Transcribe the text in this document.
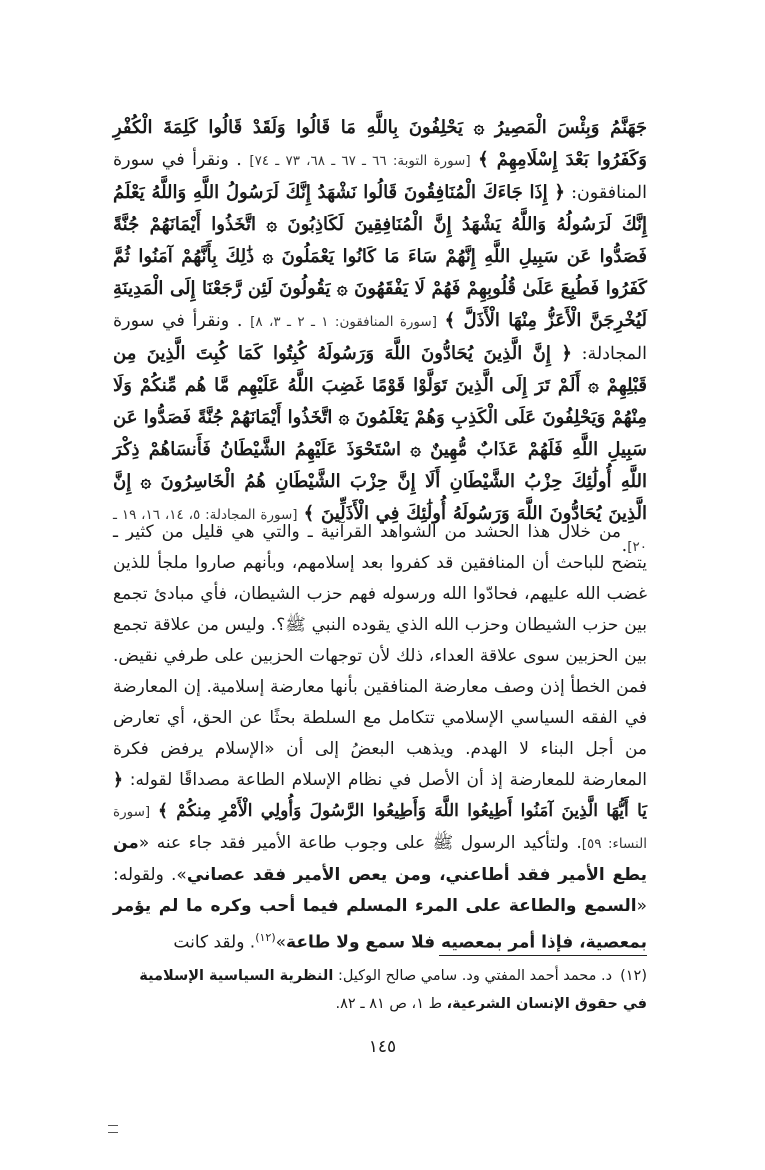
جَهَنَّمُ وَبِئْسَ الْمَصِيرُ ۞ يَحْلِفُونَ بِاللَّهِ مَا قَالُوا وَلَقَدْ قَالُوا كَلِمَةَ الْكُفْرِ وَكَفَرُوا بَعْدَ إِسْلَامِهِمْ ﴾ [سورة التوبة: ٦٦ ـ ٦٧ ـ ٦٨، ٧٣ ـ ٧٤] . ونقرأ في سورة المنافقون: ﴿ إِذَا جَاءَكَ الْمُنَافِقُونَ قَالُوا نَشْهَدُ إِنَّكَ لَرَسُولُ اللَّهِ وَاللَّهُ يَعْلَمُ إِنَّكَ لَرَسُولُهُ وَاللَّهُ يَشْهَدُ إِنَّ الْمُنَافِقِينَ لَكَاذِبُونَ ۞ اتَّخَذُوا أَيْمَانَهُمْ جُنَّةً فَصَدُّوا عَن سَبِيلِ اللَّهِ إِنَّهُمْ سَاءَ مَا كَانُوا يَعْمَلُونَ ۞ ذَٰلِكَ بِأَنَّهُمْ آمَنُوا ثُمَّ كَفَرُوا فَطُبِعَ عَلَىٰ قُلُوبِهِمْ فَهُمْ لَا يَفْقَهُونَ ۞ يَقُولُونَ لَئِن رَّجَعْنَا إِلَى الْمَدِينَةِ لَيُخْرِجَنَّ الْأَعَزُّ مِنْهَا الْأَذَلَّ ﴾ [سورة المنافقون: ١ ـ ٢ ـ ٣، ٨] . ونقرأ في سورة المجادلة: ﴿ إِنَّ الَّذِينَ يُحَادُّونَ اللَّهَ وَرَسُولَهُ كُبِتُوا كَمَا كُبِتَ الَّذِينَ مِن قَبْلِهِمْ ۞ أَلَمْ تَرَ إِلَى الَّذِينَ تَوَلَّوْا قَوْمًا غَضِبَ اللَّهُ عَلَيْهِم مَّا هُم مِّنكُمْ وَلَا مِنْهُمْ وَيَحْلِفُونَ عَلَى الْكَذِبِ وَهُمْ يَعْلَمُونَ ۞ اتَّخَذُوا أَيْمَانَهُمْ جُنَّةً فَصَدُّوا عَن سَبِيلِ اللَّهِ فَلَهُمْ عَذَابٌ مُّهِينٌ ۞ اسْتَحْوَذَ عَلَيْهِمُ الشَّيْطَانُ فَأَنسَاهُمْ ذِكْرَ اللَّهِ أُولَٰئِكَ حِزْبُ الشَّيْطَانِ أَلَا إِنَّ حِزْبَ الشَّيْطَانِ هُمُ الْخَاسِرُونَ ۞ إِنَّ الَّذِينَ يُحَادُّونَ اللَّهَ وَرَسُولَهُ أُولَٰئِكَ فِي الْأَذَلِّينَ ﴾ [سورة المجادلة: ٥، ١٤، ١٦، ١٩ ـ ٢٠].

من خلال هذا الحشد من الشواهد القرآنية ـ والتي هي قليل من كثير ـ يتضح للباحث أن المنافقين قد كفروا بعد إسلامهم، وبأنهم صاروا ملجأ للذين غضب الله عليهم، فحادّوا الله ورسوله فهم حزب الشيطان، فأي مبادئ تجمع بين حزب الشيطان وحزب الله الذي يقوده النبي ﷺ؟. وليس من علاقة تجمع بين الحزبين سوى علاقة العداء، ذلك لأن توجهات الحزبين على طرفي نقيض. فمن الخطأ إذن وصف معارضة المنافقين بأنها معارضة إسلامية. إن المعارضة في الفقه السياسي الإسلامي تتكامل مع السلطة بحثًا عن الحق، أي تعارض من أجل البناء لا الهدم. ويذهب البعضُ إلى أن «الإسلام يرفض فكرة المعارضة للمعارضة إذ أن الأصل في نظام الإسلام الطاعة مصداقًا لقوله: ﴿ يَا أَيُّهَا الَّذِينَ آمَنُوا أَطِيعُوا اللَّهَ وَأَطِيعُوا الرَّسُولَ وَأُولِي الْأَمْرِ مِنكُمْ ﴾ [سورة النساء: ٥٩]. ولتأكيد الرسول ﷺ على وجوب طاعة الأمير فقد جاء عنه «من يطع الأمير فقد أطاعني، ومن يعص الأمير فقد عصاني». ولقوله: «السمع والطاعة على المرء المسلم فيما أحب وكره ما لم يؤمر بمعصية، فإذا أمر بمعصيه فلا سمع ولا طاعة»$^{(١٢)}$. ولقد كانت

(١٢)د. محمد أحمد المفتي ود. سامي صالح الوكيل: النظرية السياسية الإسلامية في حقوق الإنسان الشرعية، ط ١، ص ٨١ ـ ٨٢.
١٤٥
